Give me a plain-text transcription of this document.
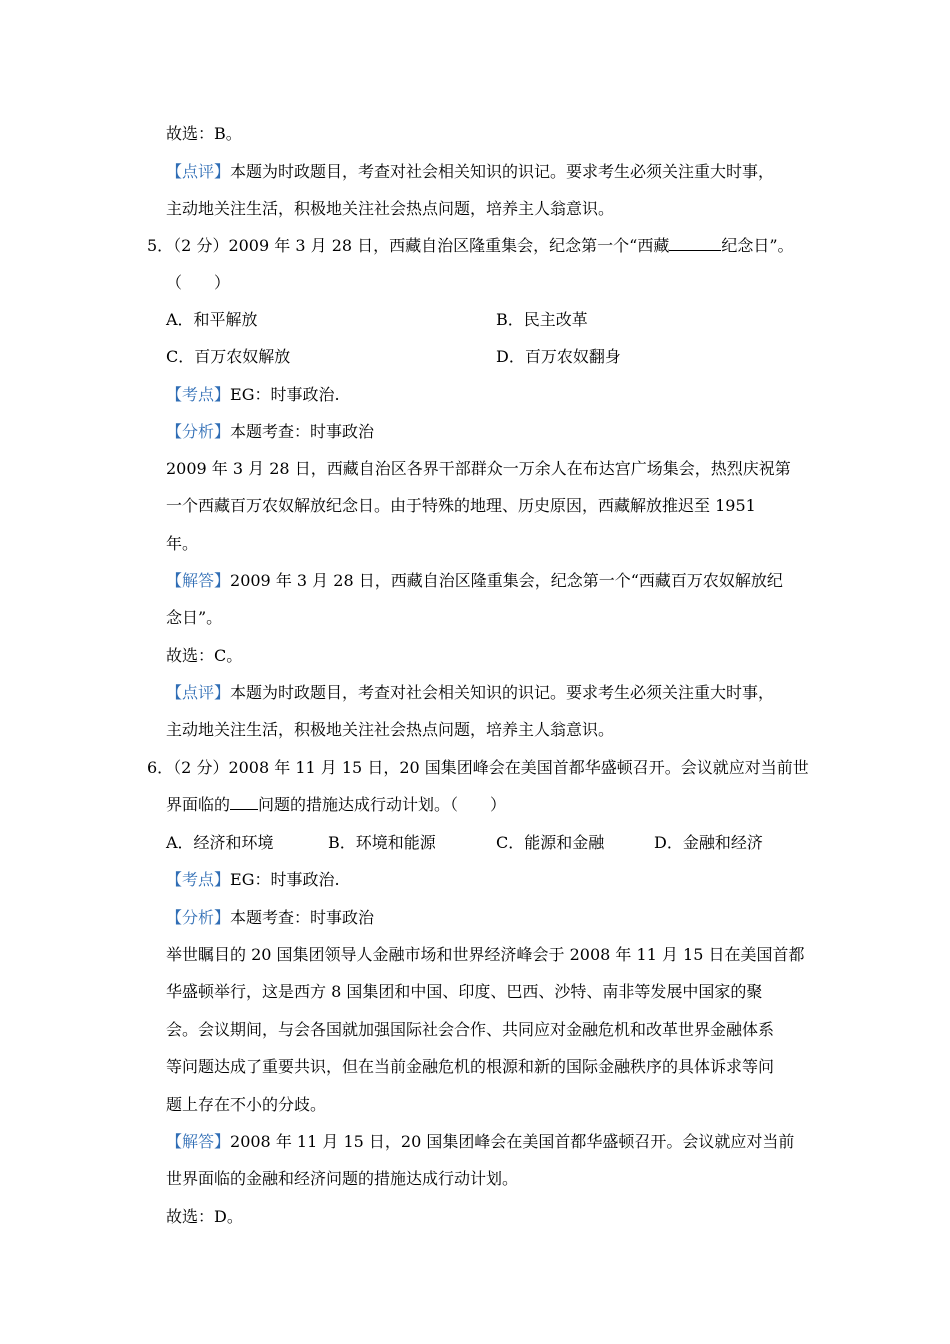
故选：B。
【点评】本题为时政题目，考查对社会相关知识的识记。要求考生必须关注重大时事，
主动地关注生活，积极地关注社会热点问题，培养主人翁意识。
5．（2 分）2009 年 3 月 28 日，西藏自治区隆重集会，纪念第一个“西藏	纪念日”。
（　　）
A．和平解放	B．民主改革
C．百万农奴解放	D．百万农奴翻身
【考点】EG：时事政治.
【分析】本题考查：时事政治
2009 年 3 月 28 日，西藏自治区各界干部群众一万余人在布达宫广场集会，热烈庆祝第
一个西藏百万农奴解放纪念日。由于特殊的地理、历史原因，西藏解放推迟至 1951
年。
【解答】2009 年 3 月 28 日，西藏自治区隆重集会，纪念第一个“西藏百万农奴解放纪
念日”。
故选：C。
【点评】本题为时政题目，考查对社会相关知识的识记。要求考生必须关注重大时事，
主动地关注生活，积极地关注社会热点问题，培养主人翁意识。
6．（2 分）2008 年 11 月 15 日，20 国集团峰会在美国首都华盛顿召开。会议就应对当前世
界面临的 问题的措施达成行动计划。（　　）
A．经济和环境	B．环境和能源	C．能源和金融	D．金融和经济
【考点】EG：时事政治.
【分析】本题考查：时事政治
举世瞩目的 20 国集团领导人金融市场和世界经济峰会于 2008 年 11 月 15 日在美国首都
华盛顿举行，这是西方 8 国集团和中国、印度、巴西、沙特、南非等发展中国家的聚
会。会议期间，与会各国就加强国际社会合作、共同应对金融危机和改革世界金融体系
等问题达成了重要共识，但在当前金融危机的根源和新的国际金融秩序的具体诉求等问
题上存在不小的分歧。
【解答】2008 年 11 月 15 日，20 国集团峰会在美国首都华盛顿召开。会议就应对当前
世界面临的金融和经济问题的措施达成行动计划。
故选：D。
